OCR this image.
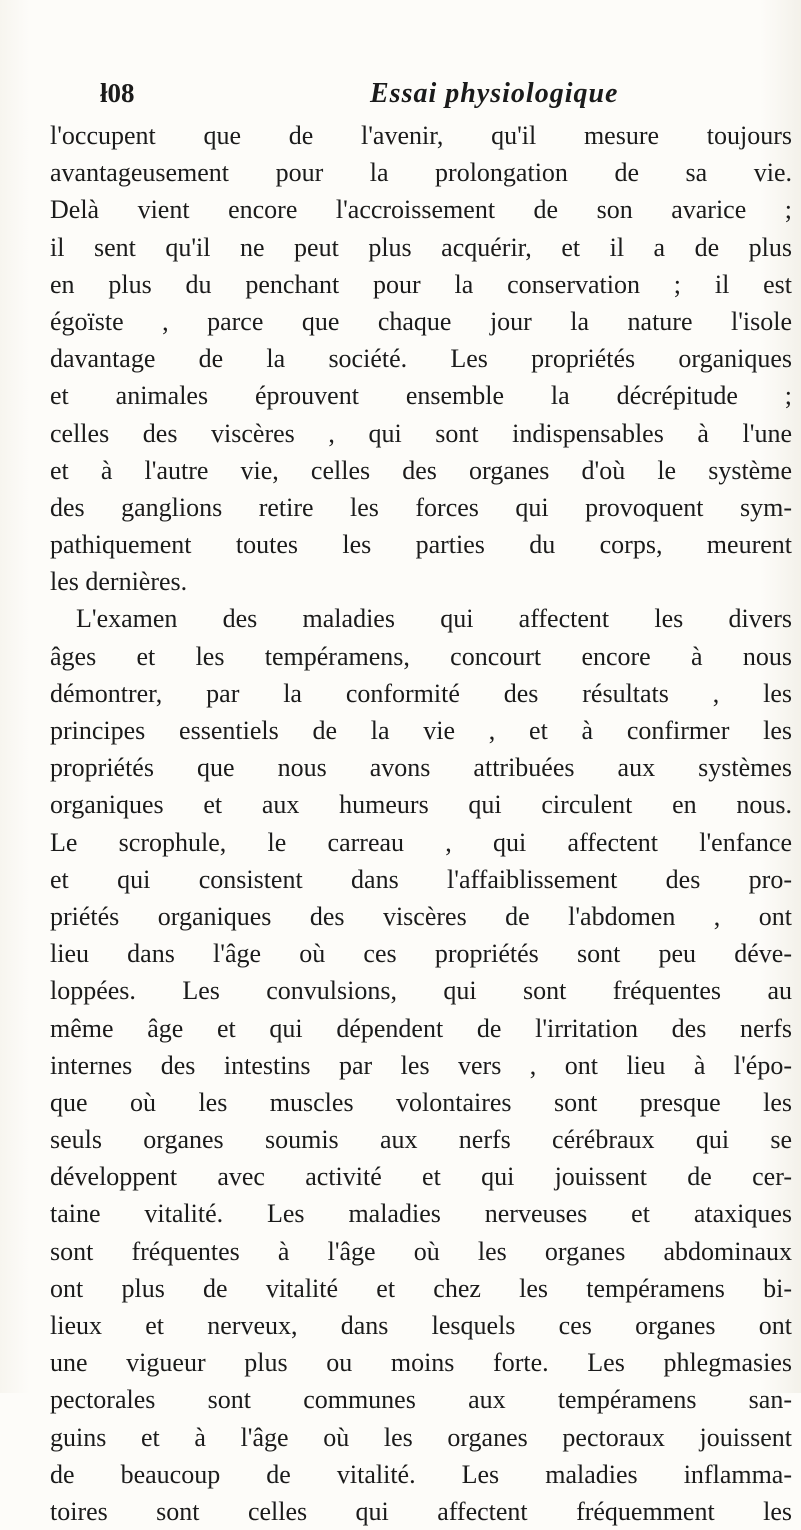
ł08	Essai physiologique
l'occupent que de l'avenir, qu'il mesure toujours
avantageusement pour la prolongation de sa vie.
Delà vient encore l'accroissement de son avarice ;
il sent qu'il ne peut plus acquérir, et il a de plus
en plus du penchant pour la conservation ; il est
égoïste , parce que chaque jour la nature l'isole
davantage de la société. Les propriétés organiques
et animales éprouvent ensemble la décrépitude ;
celles des viscères , qui sont indispensables à l'une
et à l'autre vie, celles des organes d'où le système
des ganglions retire les forces qui provoquent sym-
pathiquement toutes les parties du corps, meurent
les dernières.
L'examen des maladies qui affectent les divers
âges et les tempéramens, concourt encore à nous
démontrer, par la conformité des résultats , les
principes essentiels de la vie , et à confirmer les
propriétés que nous avons attribuées aux systèmes
organiques et aux humeurs qui circulent en nous.
Le scrophule, le carreau , qui affectent l'enfance
et qui consistent dans l'affaiblissement des pro-
priétés organiques des viscères de l'abdomen , ont
lieu dans l'âge où ces propriétés sont peu déve-
loppées. Les convulsions, qui sont fréquentes au
même âge et qui dépendent de l'irritation des nerfs
internes des intestins par les vers , ont lieu à l'épo-
que où les muscles volontaires sont presque les
seuls organes soumis aux nerfs cérébraux qui se
développent avec activité et qui jouissent de cer-
taine vitalité. Les maladies nerveuses et ataxiques
sont fréquentes à l'âge où les organes abdominaux
ont plus de vitalité et chez les tempéramens bi-
lieux et nerveux, dans lesquels ces organes ont
une vigueur plus ou moins forte. Les phlegmasies
pectorales sont communes aux tempéramens san-
guins et à l'âge où les organes pectoraux jouissent
de beaucoup de vitalité. Les maladies inflamma-
toires sont celles qui affectent fréquemment les
